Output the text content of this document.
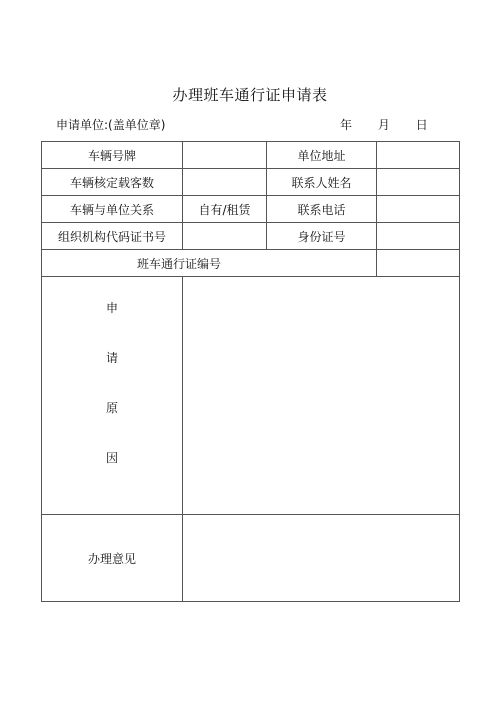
办理班车通行证申请表
申请单位:(盖单位章)	年 月 日
车辆号牌		单位地址	
车辆核定载客数		联系人姓名	
车辆与单位关系	自有/租赁	联系电话	
组织机构代码证书号		身份证号	
班车通行证编号			

申
请
原
因			

办理意见			
